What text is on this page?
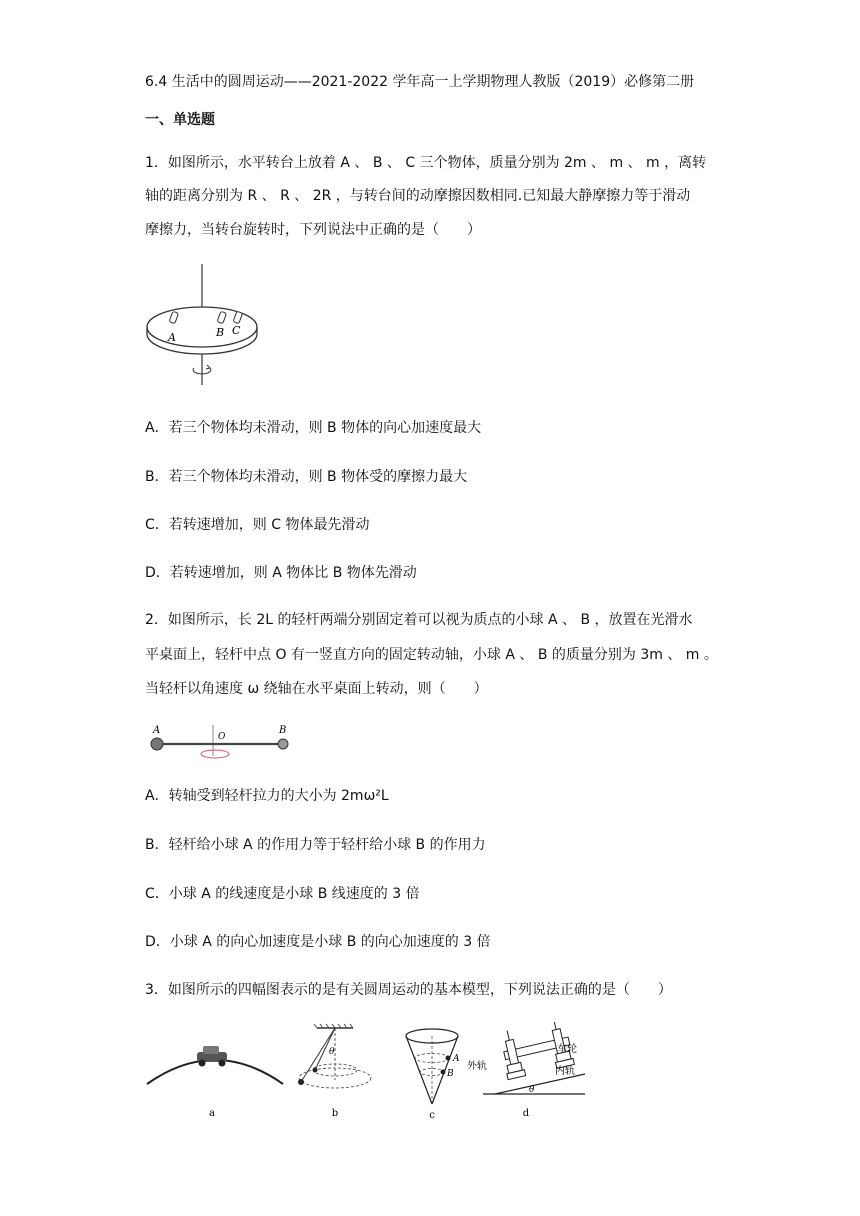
6.4 生活中的圆周运动——2021-2022 学年高一上学期物理人教版（2019）必修第二册
一、单选题
1．如图所示，水平转台上放着 A 、 B 、 C 三个物体，质量分别为 2m 、 m 、 m ，离转
轴的距离分别为 R 、 R 、 2R ，与转台间的动摩擦因数相同.已知最大静摩擦力等于滑动
摩擦力，当转台旋转时，下列说法中正确的是（　　）
A	B C
A．若三个物体均未滑动，则 B 物体的向心加速度最大
B．若三个物体均未滑动，则 B 物体受的摩擦力最大
C．若转速增加，则 C 物体最先滑动
D．若转速增加，则 A 物体比 B 物体先滑动
2．如图所示，长 2L 的轻杆两端分别固定着可以视为质点的小球 A 、 B ，放置在光滑水
平桌面上，轻杆中点 O 有一竖直方向的固定转动轴，小球 A 、 B 的质量分别为 3m 、 m 。
当轻杆以角速度 ω 绕轴在水平桌面上转动，则（　　）
A
O
B
A．转轴受到轻杆拉力的大小为 2mω²L
B．轻杆给小球 A 的作用力等于轻杆给小球 B 的作用力
C．小球 A 的线速度是小球 B 线速度的 3 倍
D．小球 A 的向心加速度是小球 B 的向心加速度的 3 倍
3．如图所示的四幅图表示的是有关圆周运动的基本模型，下列说法正确的是（　　）
a
θ
b
A
B
c
外轨
车轮
内轨
θ
d
